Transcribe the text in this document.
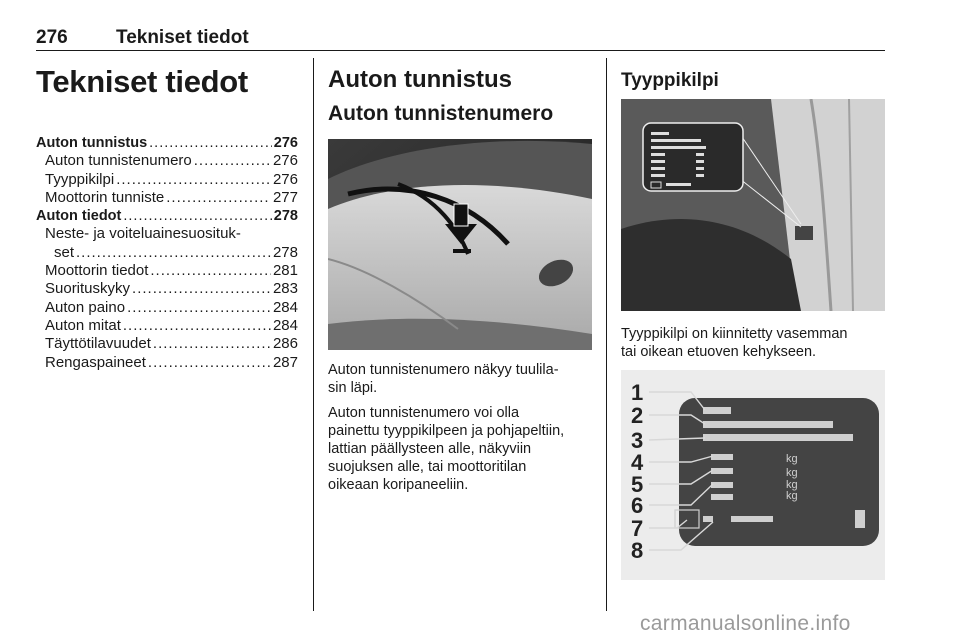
276	Tekniset tiedot
Tekniset tiedot
Auton tunnistus .....	276
Auton tunnistenumero .....	276
Tyyppikilpi .....	276
Moottorin tunniste .....	277
Auton tiedot .....	278
Neste- ja voiteluainesuosituk-
set .....	278
Moottorin tiedot .....	281
Suorituskyky .....	283
Auton paino .....	284
Auton mitat .....	284
Täyttötilavuudet .....	286
Rengaspaineet .....	287
Auton tunnistus
Auton tunnistenumero
Auton tunnistenumero näkyy tuulila-
sin läpi.
Auton tunnistenumero voi olla
painettu tyyppikilpeen ja pohjapeltiin,
lattian päällysteen alle, näkyviin
suojuksen alle, tai moottoritilan
oikeaan koripaneeliin.
Tyyppikilpi
Tyyppikilpi on kiinnitetty vasemman
tai oikean etuoven kehykseen.
kg
kg
kg
kg
1
2
3
4
5
6
7
8
carmanualsonline.info
